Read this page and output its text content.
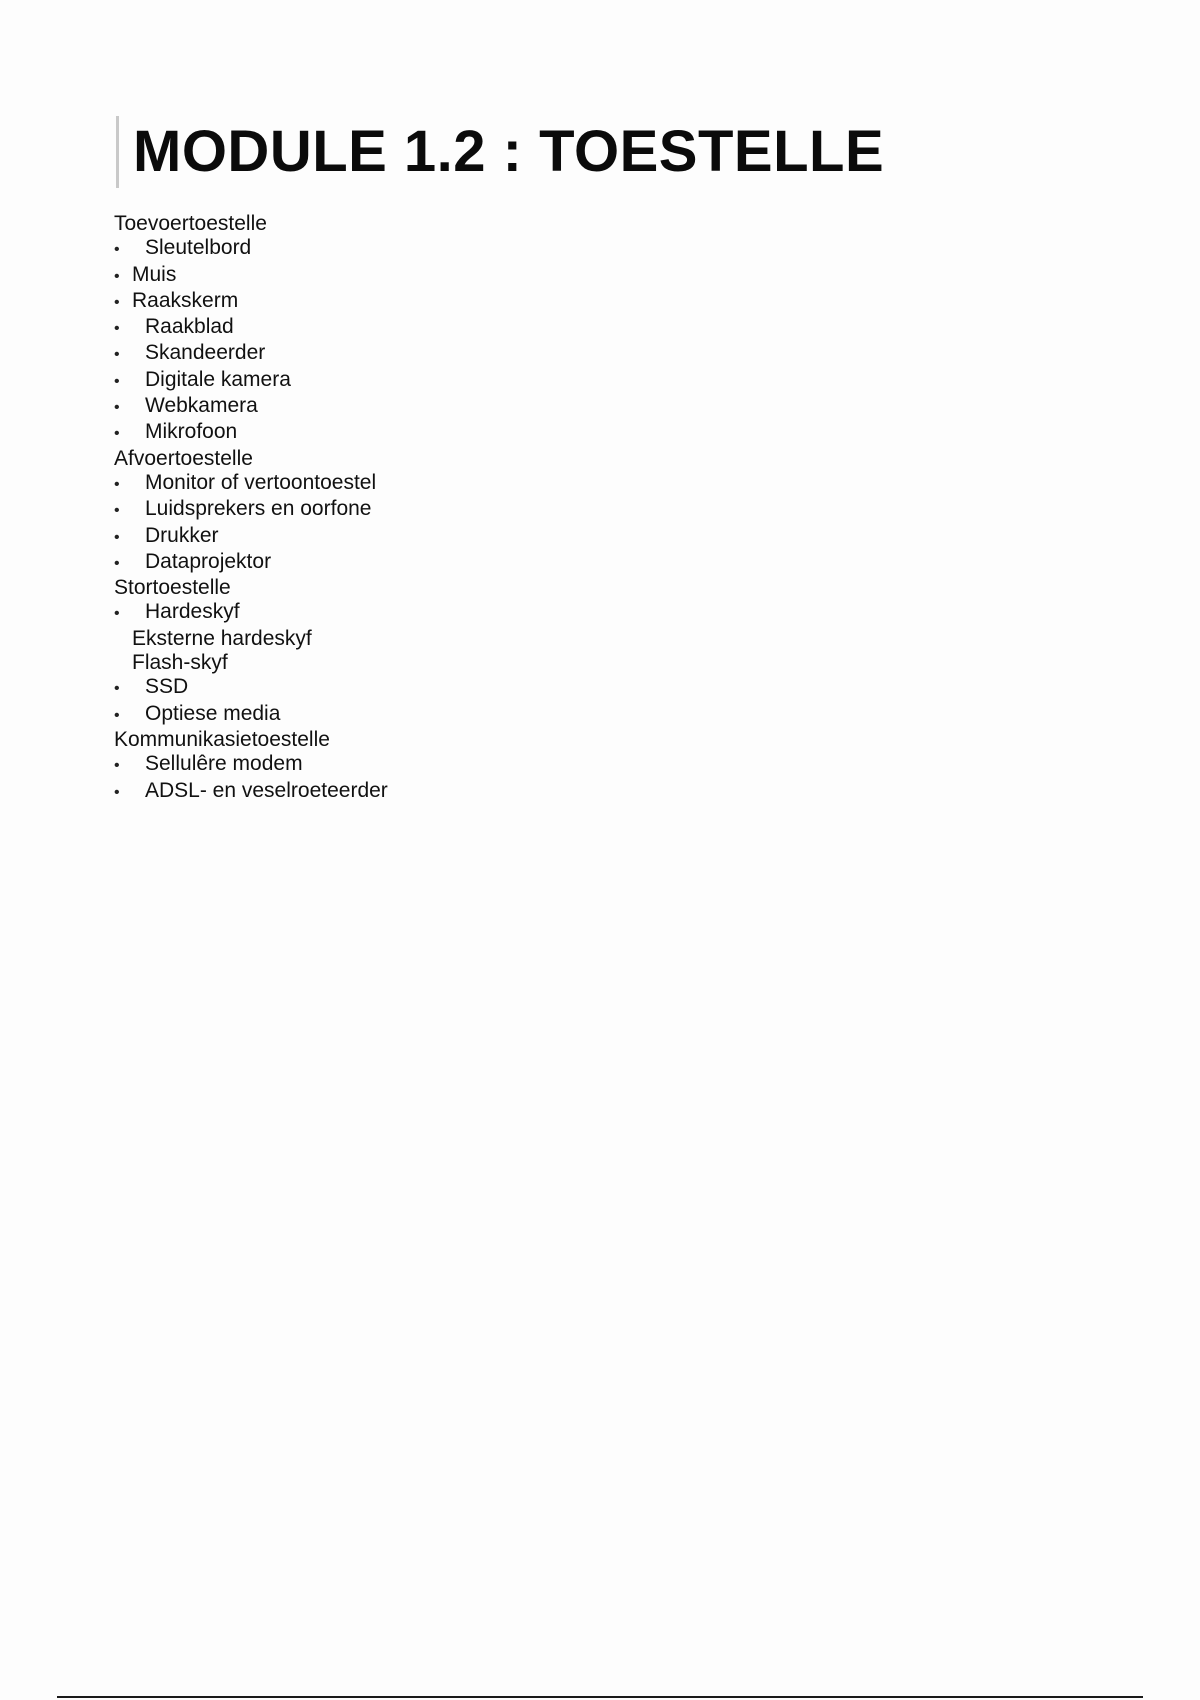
MODULE 1.2 : TOESTELLE
Toevoertoestelle
• Sleutelbord
• Muis
• Raakskerm
• Raakblad
• Skandeerder
• Digitale kamera
• Webkamera
• Mikrofoon
Afvoertoestelle
• Monitor of vertoontoestel
• Luidsprekers en oorfone
• Drukker
• Dataprojektor
Stortoestelle
• Hardeskyf
Eksterne hardeskyf
Flash-skyf
• SSD
• Optiese media
Kommunikasietoestelle
• Sellulêre modem
• ADSL- en veselroeteerder
